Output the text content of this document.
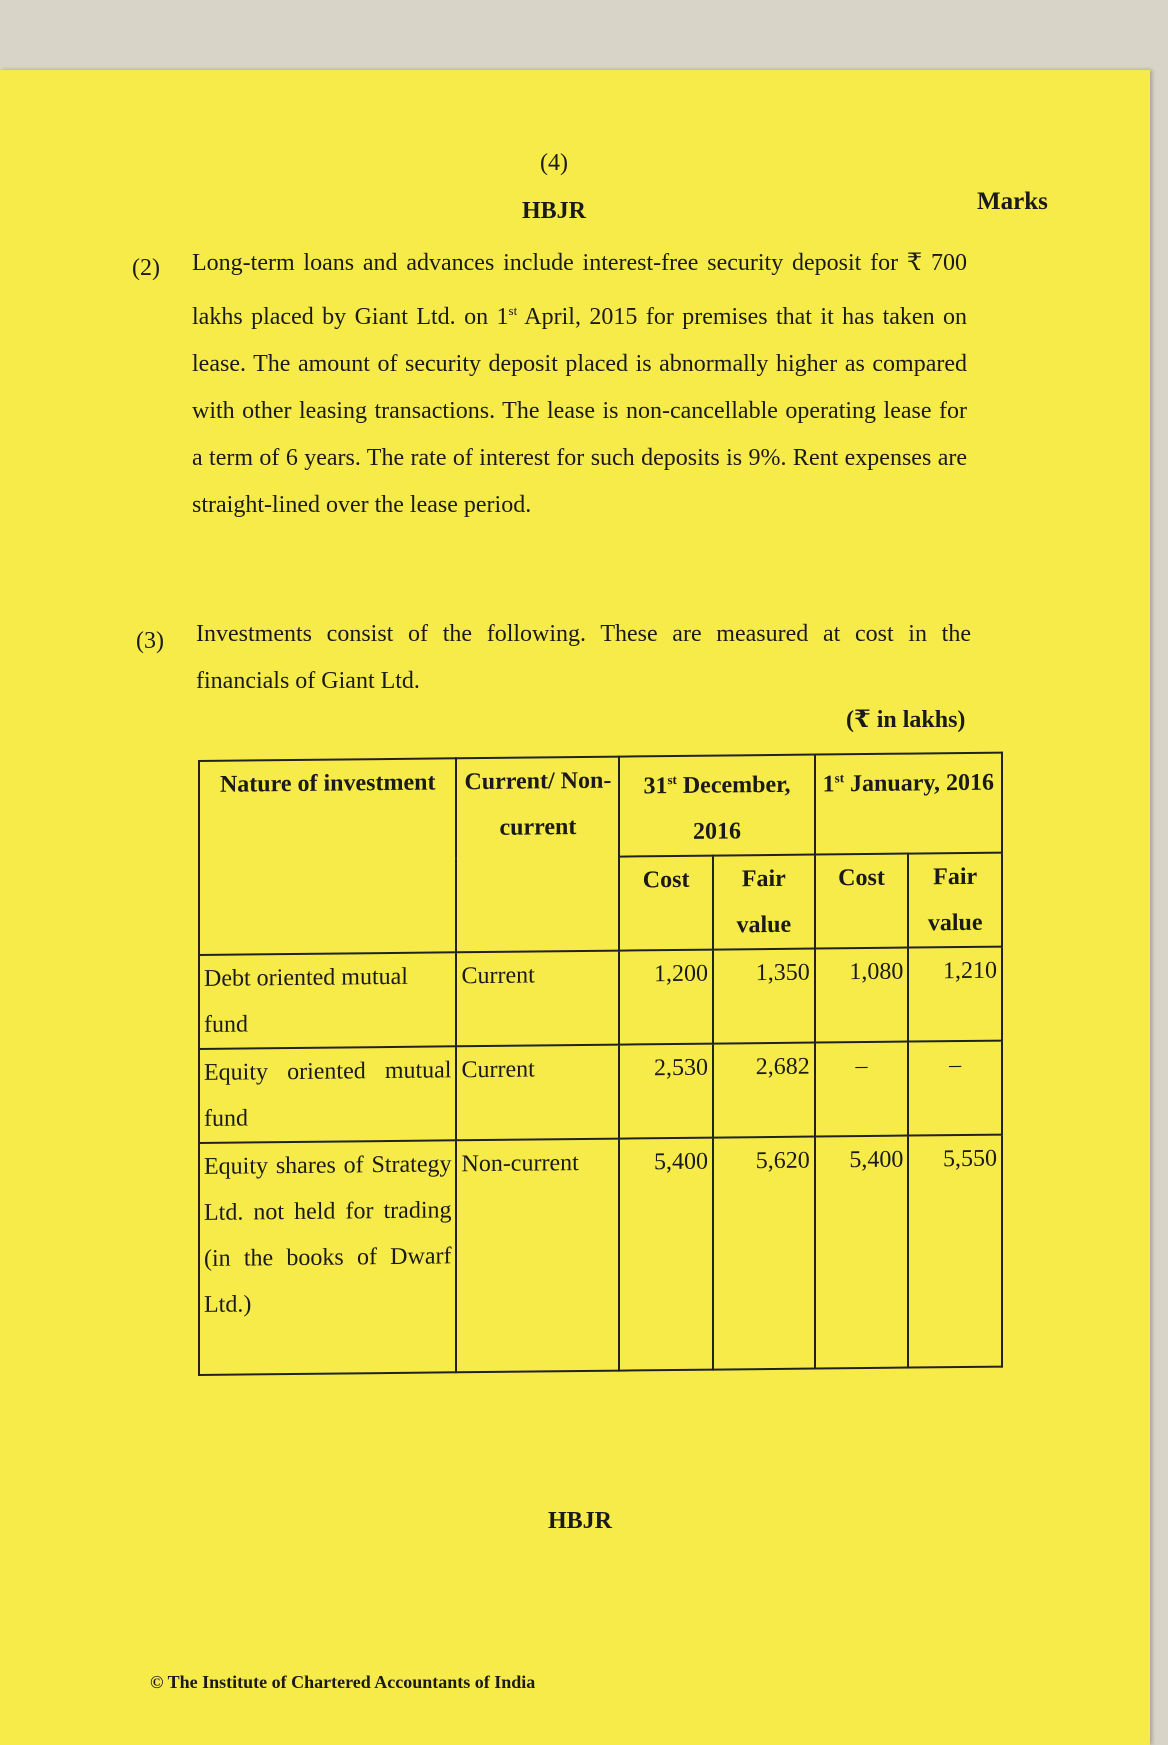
(4)
HBJR	Marks
(2) Long-term loans and advances include interest-free security deposit for ₹ 700 lakhs placed by Giant Ltd. on 1st April, 2015 for premises that it has taken on lease. The amount of security deposit placed is abnormally higher as compared with other leasing transactions. The lease is non-cancellable operating lease for a term of 6 years. The rate of interest for such deposits is 9%. Rent expenses are straight-lined over the lease period.
(3) Investments consist of the following. These are measured at cost in the financials of Giant Ltd.
(₹ in lakhs)
Nature of investment	Current/ Non-current	31st December, 2016		1st January, 2016	
		Cost	Fair value	Cost	Fair value
Debt oriented mutual fund	Current	1,200	1,350	1,080	1,210
Equity oriented mutual fund	Current	2,530	2,682	–	–
Equity shares of Strategy Ltd. not held for trading (in the books of Dwarf Ltd.)	Non-current	5,400	5,620	5,400	5,550
HBJR
© The Institute of Chartered Accountants of India
